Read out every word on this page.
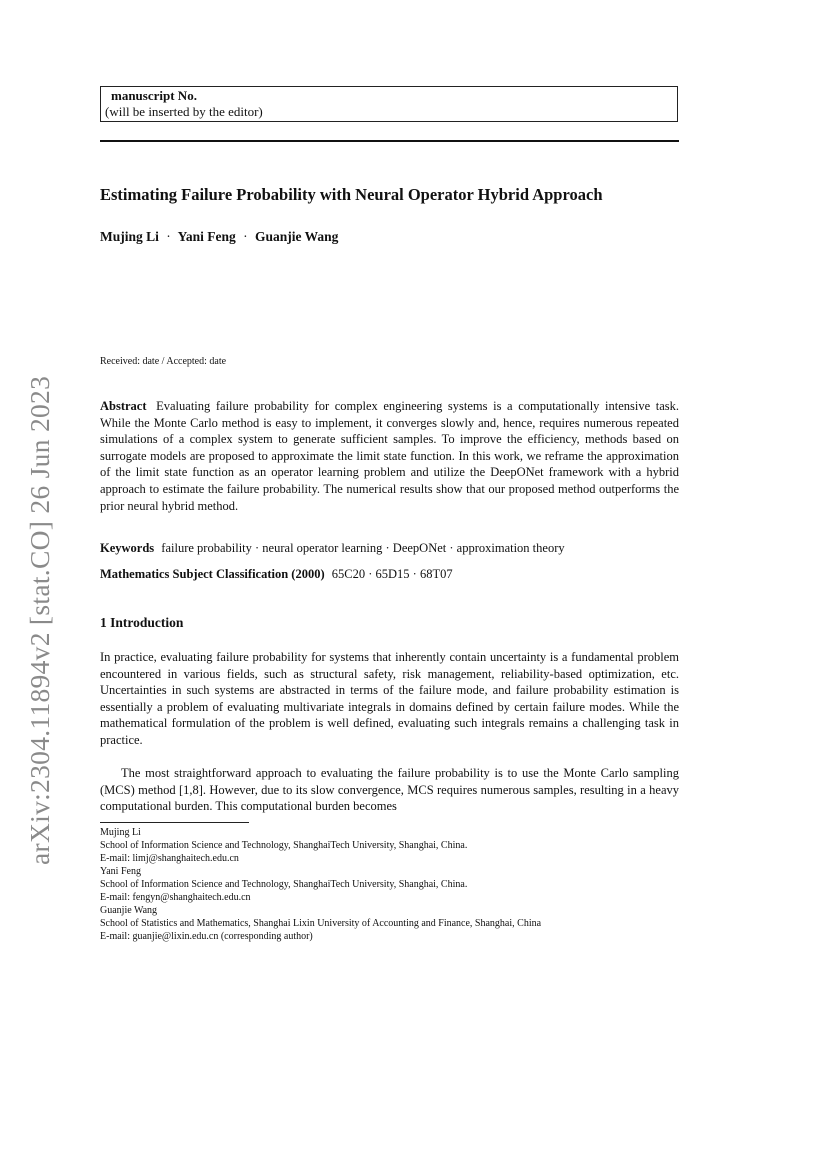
arXiv:2304.11894v2 [stat.CO] 26 Jun 2023
manuscript No.
(will be inserted by the editor)
Estimating Failure Probability with Neural Operator Hybrid Approach
Mujing Li · Yani Feng · Guanjie Wang
Received: date / Accepted: date
Abstract Evaluating failure probability for complex engineering systems is a computationally intensive task. While the Monte Carlo method is easy to implement, it converges slowly and, hence, requires numerous repeated simulations of a complex system to generate sufficient samples. To improve the efficiency, methods based on surrogate models are proposed to approximate the limit state function. In this work, we reframe the approximation of the limit state function as an operator learning problem and utilize the DeepONet framework with a hybrid approach to estimate the failure probability. The numerical results show that our proposed method outperforms the prior neural hybrid method.
Keywords failure probability · neural operator learning · DeepONet · approximation theory
Mathematics Subject Classification (2000) 65C20 · 65D15 · 68T07
1 Introduction
In practice, evaluating failure probability for systems that inherently contain uncertainty is a fundamental problem encountered in various fields, such as structural safety, risk management, reliability-based optimization, etc. Uncertainties in such systems are abstracted in terms of the failure mode, and failure probability estimation is essentially a problem of evaluating multivariate integrals in domains defined by certain failure modes. While the mathematical formulation of the problem is well defined, evaluating such integrals remains a challenging task in practice.
The most straightforward approach to evaluating the failure probability is to use the Monte Carlo sampling (MCS) method [1,8]. However, due to its slow convergence, MCS requires numerous samples, resulting in a heavy computational burden. This computational burden becomes
Mujing Li
School of Information Science and Technology, ShanghaiTech University, Shanghai, China.
E-mail: limj@shanghaitech.edu.cn
Yani Feng
School of Information Science and Technology, ShanghaiTech University, Shanghai, China.
E-mail: fengyn@shanghaitech.edu.cn
Guanjie Wang
School of Statistics and Mathematics, Shanghai Lixin University of Accounting and Finance, Shanghai, China
E-mail: guanjie@lixin.edu.cn (corresponding author)
